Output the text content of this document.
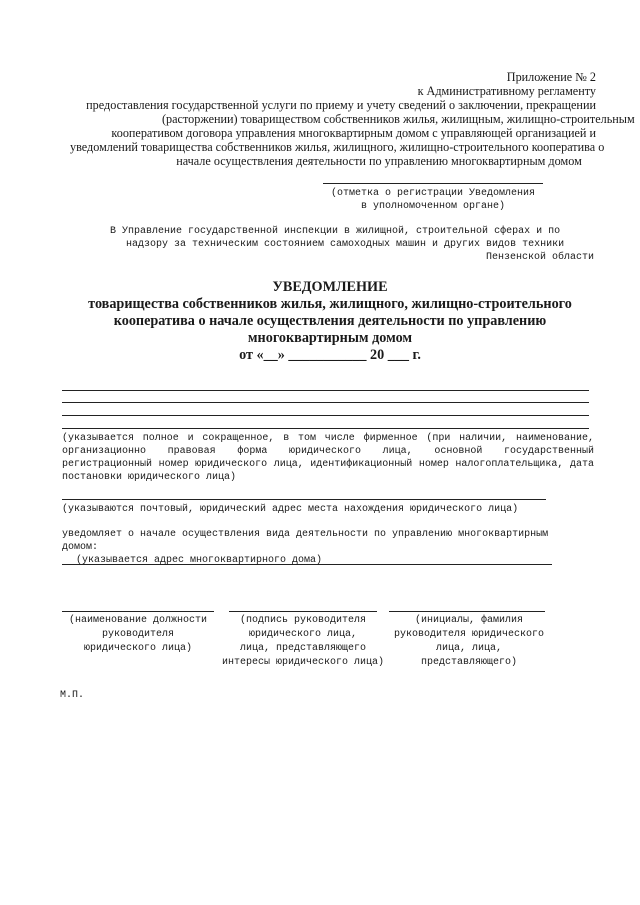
Приложение № 2
к Административному регламенту
предоставления государственной услуги по приему и учету сведений о заключении, прекращении
(расторжении) товариществом собственников жилья, жилищным, жилищно-строительным
кооперативом договора управления многоквартирным домом с управляющей организацией и
уведомлений товарищества собственников жилья, жилищного, жилищно-строительного кооператива о
начале осуществления деятельности по управлению многоквартирным домом
(отметка о регистрации Уведомления
в уполномоченном органе)
В Управление государственной инспекции в жилищной, строительной сферах и по
надзору за техническим состоянием самоходных машин и других видов техники
Пензенской области
УВЕДОМЛЕНИЕ
товарищества собственников жилья, жилищного, жилищно-строительного
кооператива о начале осуществления деятельности по управлению
многоквартирным домом
от «__» ___________ 20 ___ г.
(указывается полное и сокращенное, в том числе фирменное (при наличии, наименование, организационно правовая форма юридического лица, основной государственный регистрационный номер юридического лица, идентификационный номер налогоплательщика, дата постановки юридического лица)
(указываются почтовый, юридический адрес места нахождения юридического лица)
уведомляет о начале осуществления вида деятельности по управлению многоквартирным
домом:
(указывается адрес многоквартирного дома)
(наименование должности
руководителя
юридического лица)
(подпись руководителя
юридического лица,
лица, представляющего
интересы юридического лица)
(инициалы, фамилия
руководителя юридического
лица, лица,
представляющего)
М.П.
